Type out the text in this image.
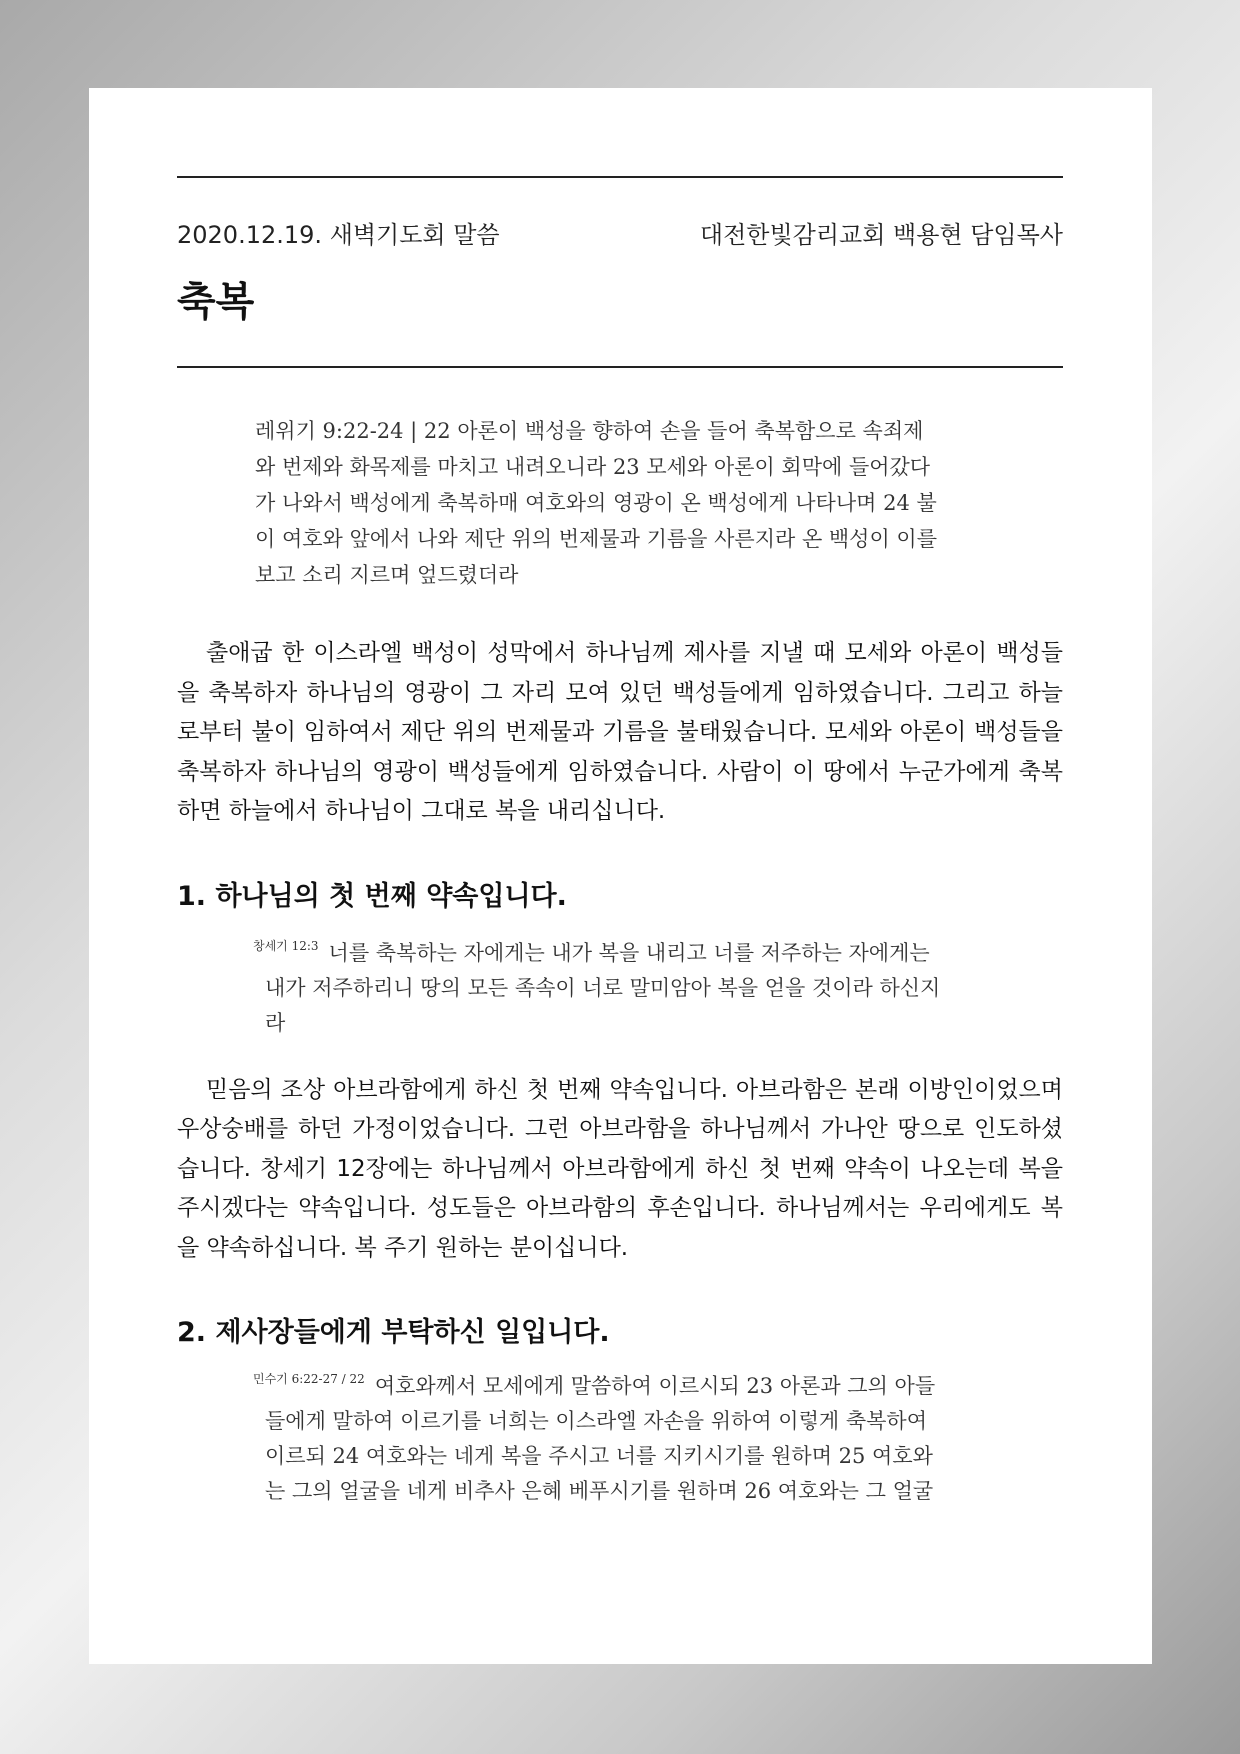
2020.12.19. 새벽기도회 말씀	대전한빛감리교회 백용현 담임목사
축복
레위기 9:22-24 | 22 아론이 백성을 향하여 손을 들어 축복함으로 속죄제
와 번제와 화목제를 마치고 내려오니라 23 모세와 아론이 회막에 들어갔다
가 나와서 백성에게 축복하매 여호와의 영광이 온 백성에게 나타나며 24 불
이 여호와 앞에서 나와 제단 위의 번제물과 기름을 사른지라 온 백성이 이를
보고 소리 지르며 엎드렸더라

출애굽 한 이스라엘 백성이 성막에서 하나님께 제사를 지낼 때 모세와 아론이 백성들을 축복하자 하나님의 영광이 그 자리 모여 있던 백성들에게 임하였습니다. 그리고 하늘로부터 불이 임하여서 제단 위의 번제물과 기름을 불태웠습니다. 모세와 아론이 백성들을 축복하자 하나님의 영광이 백성들에게 임하였습니다. 사람이 이 땅에서 누군가에게 축복하면 하늘에서 하나님이 그대로 복을 내리십니다.

1. 하나님의 첫 번째 약속입니다.
$^{창세기 12:3}$ 너를 축복하는 자에게는 내가 복을 내리고 너를 저주하는 자에게는
내가 저주하리니 땅의 모든 족속이 너로 말미암아 복을 얻을 것이라 하신지
라

믿음의 조상 아브라함에게 하신 첫 번째 약속입니다. 아브라함은 본래 이방인이었으며 우상숭배를 하던 가정이었습니다. 그런 아브라함을 하나님께서 가나안 땅으로 인도하셨습니다. 창세기 12장에는 하나님께서 아브라함에게 하신 첫 번째 약속이 나오는데 복을 주시겠다는 약속입니다. 성도들은 아브라함의 후손입니다. 하나님께서는 우리에게도 복을 약속하십니다. 복 주기 원하는 분이십니다.

2. 제사장들에게 부탁하신 일입니다.
$^{민수기 6:22-27 / 22}$ 여호와께서 모세에게 말씀하여 이르시되 23 아론과 그의 아들
들에게 말하여 이르기를 너희는 이스라엘 자손을 위하여 이렇게 축복하여
이르되 24 여호와는 네게 복을 주시고 너를 지키시기를 원하며 25 여호와
는 그의 얼굴을 네게 비추사 은혜 베푸시기를 원하며 26 여호와는 그 얼굴
